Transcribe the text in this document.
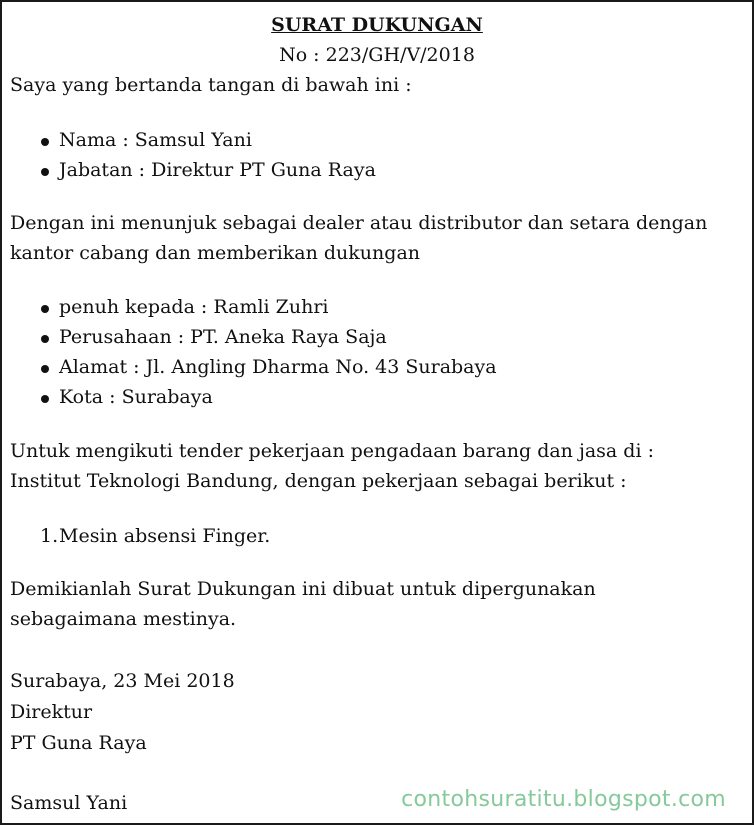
SURAT DUKUNGAN
No : 223/GH/V/2018

Saya yang bertanda tangan di bawah ini :

Nama : Samsul Yani
Jabatan : Direktur PT Guna Raya

Dengan ini menunjuk sebagai dealer atau distributor dan setara dengan
kantor cabang dan memberikan dukungan

penuh kepada : Ramli Zuhri
Perusahaan : PT. Aneka Raya Saja
Alamat : Jl. Angling Dharma No. 43 Surabaya
Kota : Surabaya

Untuk mengikuti tender pekerjaan pengadaan barang dan jasa di :
Institut Teknologi Bandung, dengan pekerjaan sebagai berikut :

1. Mesin absensi Finger.

Demikianlah Surat Dukungan ini dibuat untuk dipergunakan
sebagaimana mestinya.

Surabaya, 23 Mei 2018

Direktur

PT Guna Raya

Samsul Yani	contohsuratitu.blogspot.com
